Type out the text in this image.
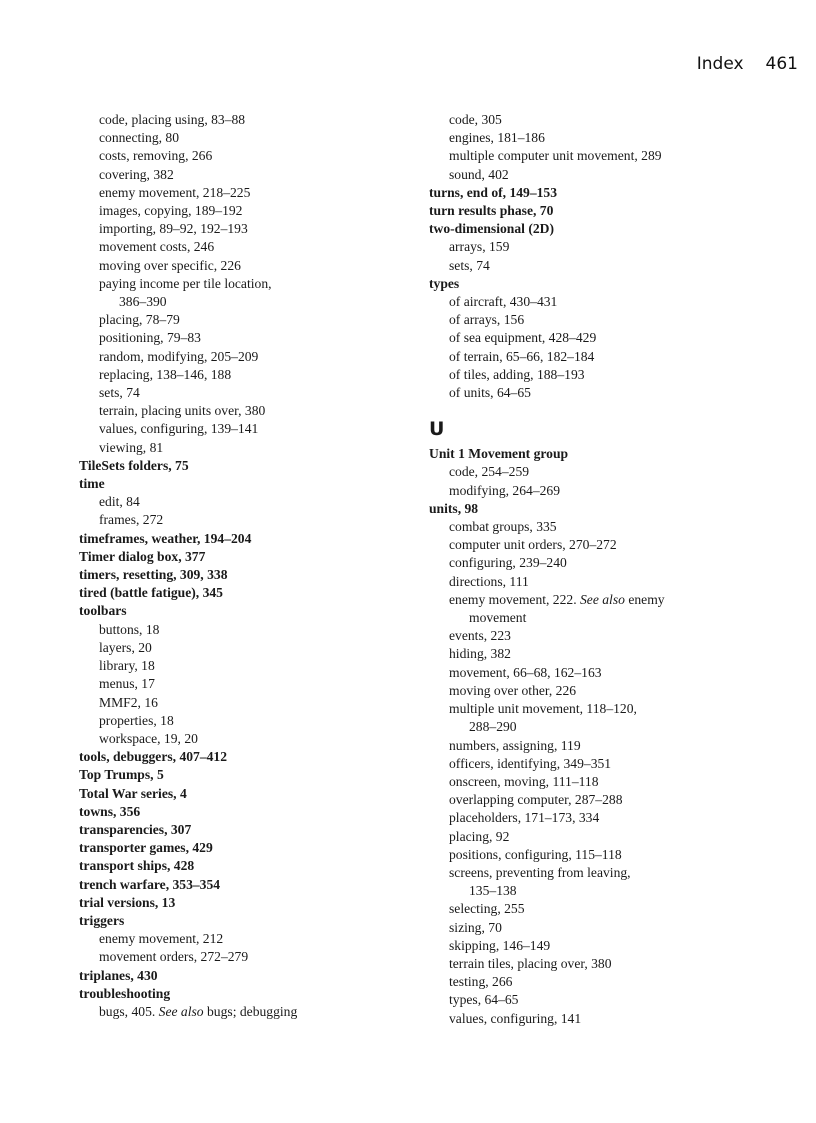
Index 461
code, placing using, 83–88
connecting, 80
costs, removing, 266
covering, 382
enemy movement, 218–225
images, copying, 189–192
importing, 89–92, 192–193
movement costs, 246
moving over specific, 226
paying income per tile location,
386–390
placing, 78–79
positioning, 79–83
random, modifying, 205–209
replacing, 138–146, 188
sets, 74
terrain, placing units over, 380
values, configuring, 139–141
viewing, 81
TileSets folders, 75
time
edit, 84
frames, 272
timeframes, weather, 194–204
Timer dialog box, 377
timers, resetting, 309, 338
tired (battle fatigue), 345
toolbars
buttons, 18
layers, 20
library, 18
menus, 17
MMF2, 16
properties, 18
workspace, 19, 20
tools, debuggers, 407–412
Top Trumps, 5
Total War series, 4
towns, 356
transparencies, 307
transporter games, 429
transport ships, 428
trench warfare, 353–354
trial versions, 13
triggers
enemy movement, 212
movement orders, 272–279
triplanes, 430
troubleshooting
bugs, 405. See also bugs; debugging
code, 305
engines, 181–186
multiple computer unit movement, 289
sound, 402
turns, end of, 149–153
turn results phase, 70
two-dimensional (2D)
arrays, 159
sets, 74
types
of aircraft, 430–431
of arrays, 156
of sea equipment, 428–429
of terrain, 65–66, 182–184
of tiles, adding, 188–193
of units, 64–65
U
Unit 1 Movement group
code, 254–259
modifying, 264–269
units, 98
combat groups, 335
computer unit orders, 270–272
configuring, 239–240
directions, 111
enemy movement, 222. See also enemy
movement
events, 223
hiding, 382
movement, 66–68, 162–163
moving over other, 226
multiple unit movement, 118–120,
288–290
numbers, assigning, 119
officers, identifying, 349–351
onscreen, moving, 111–118
overlapping computer, 287–288
placeholders, 171–173, 334
placing, 92
positions, configuring, 115–118
screens, preventing from leaving,
135–138
selecting, 255
sizing, 70
skipping, 146–149
terrain tiles, placing over, 380
testing, 266
types, 64–65
values, configuring, 141
